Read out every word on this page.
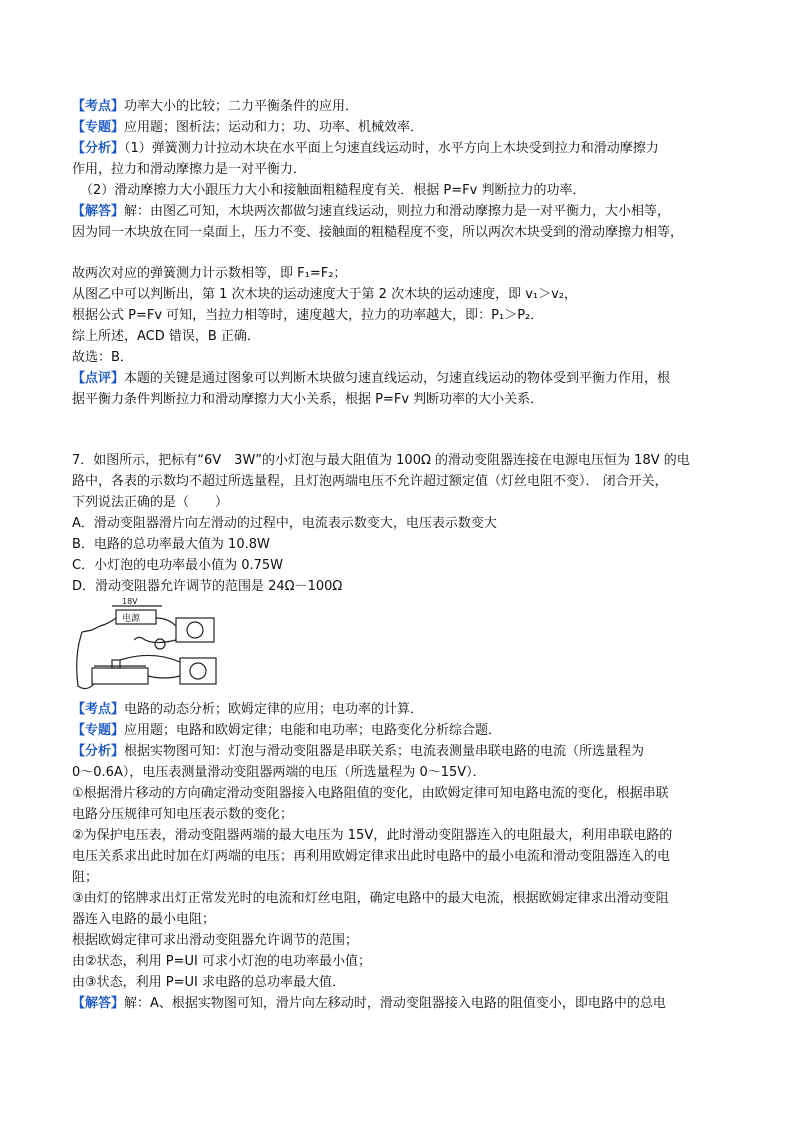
【考点】功率大小的比较；二力平衡条件的应用．
【专题】应用题；图析法；运动和力；功、功率、机械效率．
【分析】（1）弹簧测力计拉动木块在水平面上匀速直线运动时，水平方向上木块受到拉力和滑动摩擦力
作用，拉力和滑动摩擦力是一对平衡力．
（2）滑动摩擦力大小跟压力大小和接触面粗糙程度有关．根据 P=Fv 判断拉力的功率．
【解答】解：由图乙可知，木块两次都做匀速直线运动，则拉力和滑动摩擦力是一对平衡力，大小相等，
因为同一木块放在同一桌面上，压力不变、接触面的粗糙程度不变，所以两次木块受到的滑动摩擦力相等，
故两次对应的弹簧测力计示数相等，即 F₁=F₂；
从图乙中可以判断出，第 1 次木块的运动速度大于第 2 次木块的运动速度，即 v₁＞v₂，
根据公式 P=Fv 可知，当拉力相等时，速度越大，拉力的功率越大，即：P₁＞P₂．
综上所述，ACD 错误，B 正确．
故选：B．
【点评】本题的关键是通过图象可以判断木块做匀速直线运动，匀速直线运动的物体受到平衡力作用，根
据平衡力条件判断拉力和滑动摩擦力大小关系，根据 P=Fv 判断功率的大小关系．
7．如图所示，把标有“6V　3W”的小灯泡与最大阻值为 100Ω 的滑动变阻器连接在电源电压恒为 18V 的电
路中，各表的示数均不超过所选量程，且灯泡两端电压不允许超过额定值（灯丝电阻不变）． 闭合开关，
下列说法正确的是（　　）
A．滑动变阻器滑片向左滑动的过程中，电流表示数变大，电压表示数变大
B．电路的总功率最大值为 10.8W
C．小灯泡的电功率最小值为 0.75W
D．滑动变阻器允许调节的范围是 24Ω－100Ω
18V
电源
【考点】电路的动态分析；欧姆定律的应用；电功率的计算．
【专题】应用题；电路和欧姆定律；电能和电功率；电路变化分析综合题．
【分析】根据实物图可知：灯泡与滑动变阻器是串联关系；电流表测量串联电路的电流（所选量程为
0～0.6A），电压表测量滑动变阻器两端的电压（所选量程为 0～15V）．
①根据滑片移动的方向确定滑动变阻器接入电路阻值的变化，由欧姆定律可知电路电流的变化，根据串联
电路分压规律可知电压表示数的变化；
②为保护电压表，滑动变阻器两端的最大电压为 15V，此时滑动变阻器连入的电阻最大，利用串联电路的
电压关系求出此时加在灯两端的电压；再利用欧姆定律求出此时电路中的最小电流和滑动变阻器连入的电
阻；
③由灯的铭牌求出灯正常发光时的电流和灯丝电阻，确定电路中的最大电流，根据欧姆定律求出滑动变阻
器连入电路的最小电阻；
根据欧姆定律可求出滑动变阻器允许调节的范围；
由②状态，利用 P=UI 可求小灯泡的电功率最小值；
由③状态，利用 P=UI 求电路的总功率最大值．
【解答】解：A、根据实物图可知，滑片向左移动时，滑动变阻器接入电路的阻值变小，即电路中的总电
